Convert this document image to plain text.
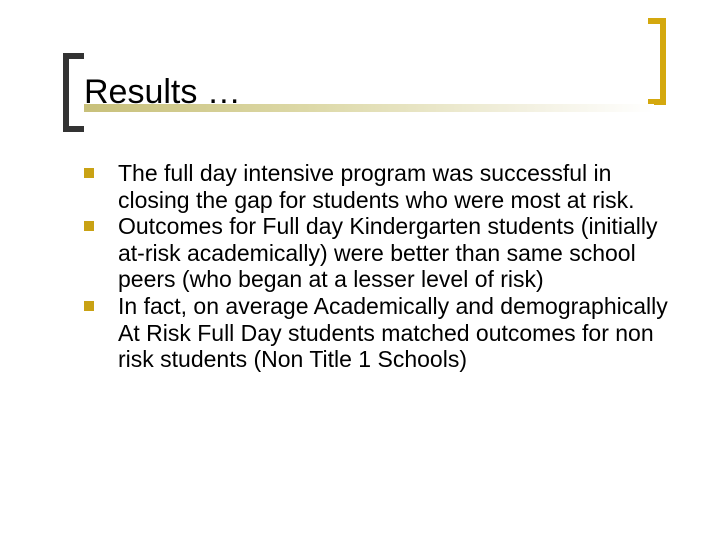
Results …
The full day intensive program was successful in closing the gap for students who were most at risk.
Outcomes for Full day Kindergarten students (initially at-risk academically) were better than same school peers (who began at a lesser level of risk)
In fact, on average Academically and demographically At Risk Full Day students matched outcomes for non risk students (Non Title 1 Schools)
